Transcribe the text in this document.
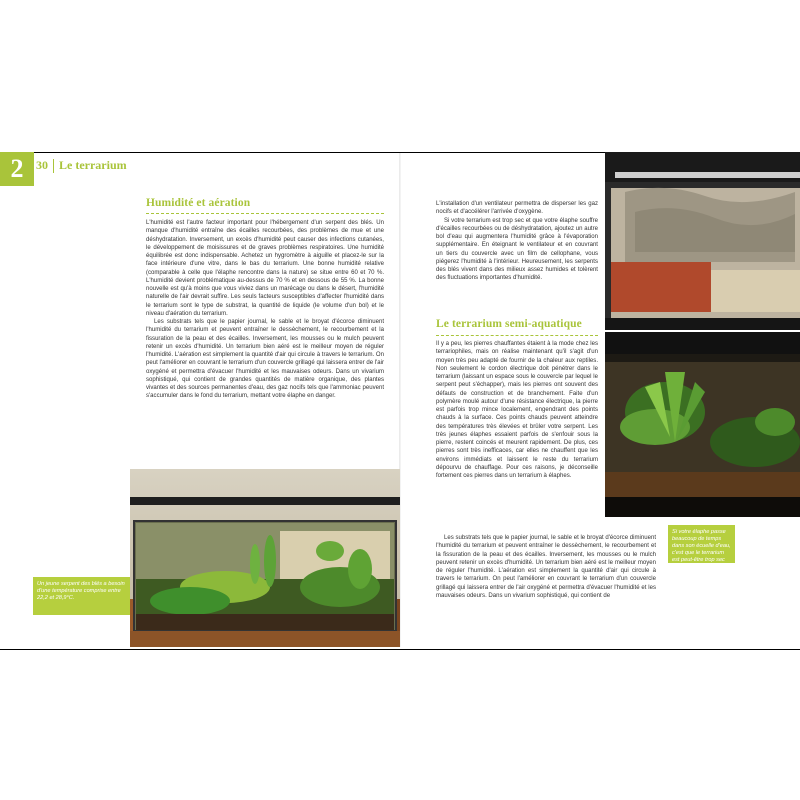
2	30 Le terrarium
Humidité et aération

L'humidité est l'autre facteur important pour l'hébergement d'un serpent des blés. Un manque d'humidité entraîne des écailles recourbées, des problèmes de mue et une déshydratation. Inversement, un excès d'humidité peut causer des infections cutanées, le développement de moisissures et de graves problèmes respiratoires. Une humidité équilibrée est donc indispensable. Achetez un hygromètre à aiguille et placez-le sur la face intérieure d'une vitre, dans le bas du terrarium. Une bonne humidité relative (comparable à celle que l'élaphe rencontre dans la nature) se situe entre 60 et 70 %. L'humidité devient problématique au-dessus de 70 % et en dessous de 55 %. La bonne nouvelle est qu'à moins que vous viviez dans un marécage ou dans le désert, l'humidité naturelle de l'air devrait suffire. Les seuls facteurs susceptibles d'affecter l'humidité dans le terrarium sont le type de substrat, la quantité de liquide (le volume d'un bol) et le niveau d'aération du terrarium.

Les substrats tels que le papier journal, le sable et le broyat d'écorce diminuent l'humidité du terrarium et peuvent entraîner le dessèchement, le recourbement et la fissuration de la peau et des écailles. Inversement, les mousses ou le mulch peuvent retenir un excès d'humidité. Un terrarium bien aéré est le meilleur moyen de réguler l'humidité. L'aération est simplement la quantité d'air qui circule à travers le terrarium. On peut l'améliorer en couvrant le terrarium d'un couvercle grillagé qui laissera entrer de l'air oxygéné et permettra d'évacuer l'humidité et les mauvaises odeurs. Dans un vivarium sophistiqué, qui contient de grandes quantités de matière organique, des plantes vivantes et des sources permanentes d'eau, des gaz nocifs tels que l'ammoniac peuvent s'accumuler dans le fond du terrarium, mettant votre élaphe en danger.

Un jeune serpent des blés a besoin d'une température comprise entre 22,2 et 28,9°C.

L'installation d'un ventilateur permettra de disperser les gaz nocifs et d'accélérer l'arrivée d'oxygène.

Si votre terrarium est trop sec et que votre élaphe souffre d'écailles recourbées ou de déshydratation, ajoutez un autre bol d'eau qui augmentera l'humidité grâce à l'évaporation supplémentaire. En éteignant le ventilateur et en couvrant un tiers du couvercle avec un film de cellophane, vous piégerez l'humidité à l'intérieur. Heureusement, les serpents des blés vivent dans des milieux assez humides et tolèrent des fluctuations importantes d'humidité.

Le terrarium semi-aquatique

Il y a peu, les pierres chauffantes étaient à la mode chez les terrariophiles, mais on réalise maintenant qu'il s'agit d'un moyen très peu adapté de fournir de la chaleur aux reptiles. Non seulement le cordon électrique doit pénétrer dans le terrarium (laissant un espace sous le couvercle par lequel le serpent peut s'échapper), mais les pierres ont souvent des défauts de construction et de branchement. Faite d'un polymère moulé autour d'une résistance électrique, la pierre est parfois trop mince localement, engendrant des points chauds à la surface. Ces points chauds peuvent atteindre des températures très élevées et brûler votre serpent. Les très jeunes élaphes essaient parfois de s'enfouir sous la pierre, restent coincés et meurent rapidement. De plus, ces pierres sont très inefficaces, car elles ne chauffent que les environs immédiats et laissent le reste du terrarium dépourvu de chauffage. Pour ces raisons, je déconseille fortement ces pierres dans un terrarium à élaphes.

Les substrats tels que le papier journal, le sable et le broyat d'écorce diminuent l'humidité du terrarium et peuvent entraîner le dessèchement, le recourbement et la fissuration de la peau et des écailles. Inversement, les mousses ou le mulch peuvent retenir un excès d'humidité. Un terrarium bien aéré est le meilleur moyen de réguler l'humidité. L'aération est simplement la quantité d'air qui circule à travers le terrarium. On peut l'améliorer en couvrant le terrarium d'un couvercle grillagé qui laissera entrer de l'air oxygéné et permettra d'évacuer l'humidité et les mauvaises odeurs. Dans un vivarium sophistiqué, qui contient de

Si votre élaphe passe beaucoup de temps dans son écuelle d'eau, c'est que le terrarium est peut-être trop sec ou trop chaud.
